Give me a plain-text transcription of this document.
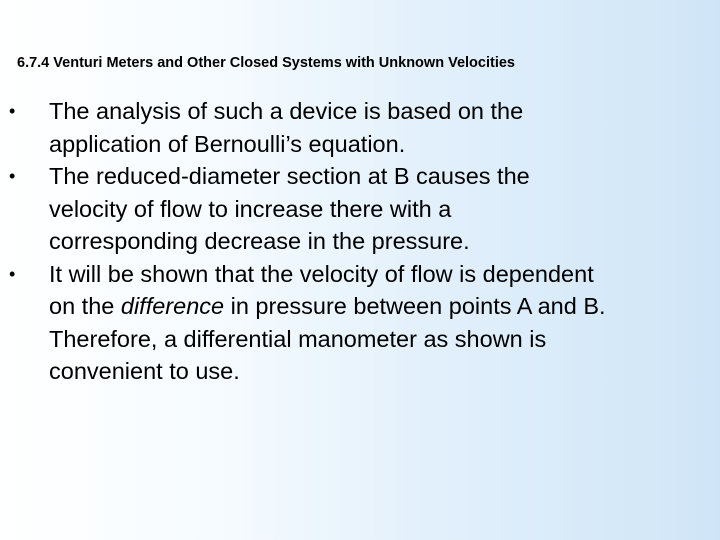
6.7.4 Venturi Meters and Other Closed Systems with Unknown Velocities
• The analysis of such a device is based on the
application of Bernoulli’s equation.
• The reduced-diameter section at B causes the
velocity of flow to increase there with a
corresponding decrease in the pressure.
• It will be shown that the velocity of flow is dependent
on the difference in pressure between points A and B.
Therefore, a differential manometer as shown is
convenient to use.
